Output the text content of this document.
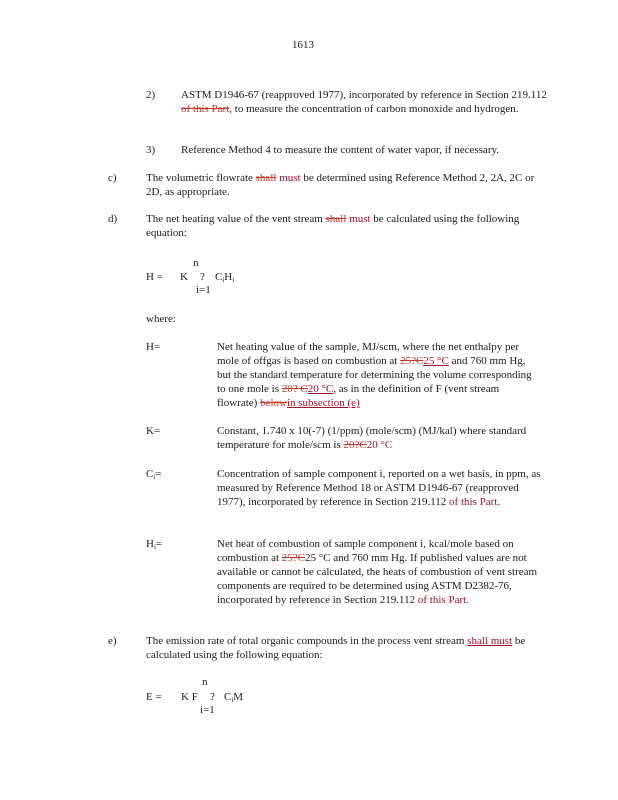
1613
2)	ASTM D1946-67 (reapproved 1977), incorporated by reference in Section 219.112 of this Part, to measure the concentration of carbon monoxide and hydrogen.
3)	Reference Method 4 to measure the content of water vapor, if necessary.
c)	The volumetric flowrate shall must be determined using Reference Method 2, 2A, 2C or 2D, as appropriate.
d)	The net heating value of the vent stream shall must be calculated using the following equation:
n
H = K ? $C_iH_i$
i=1
where:
H=	Net heating value of the sample, MJ/scm, where the net enthalpy per mole of offgas is based on combustion at 25?C25 °C and 760 mm Hg, but the standard temperature for determining the volume corresponding to one mole is 20? C20 °C, as in the definition of F (vent stream flowrate) belowin subsection (e)
K=	Constant, 1.740 x 10(-7) (1/ppm) (mole/scm) (MJ/kal) where standard temperature for mole/scm is 20?C20 °C
$C_i=$	Concentration of sample component i, reported on a wet basis, in ppm, as measured by Reference Method 18 or ASTM D1946-67 (reapproved 1977), incorporated by reference in Section 219.112 of this Part.
$H_i=$	Net heat of combustion of sample component i, kcal/mole based on combustion at 25?C25 °C and 760 mm Hg. If published values are not available or cannot be calculated, the heats of combustion of vent stream components are required to be determined using ASTM D2382-76, incorporated by reference in Section 219.112 of this Part.
e)	The emission rate of total organic compounds in the process vent stream shall must be calculated using the following equation:
n
E = K F ? $C_iM$
i=1
